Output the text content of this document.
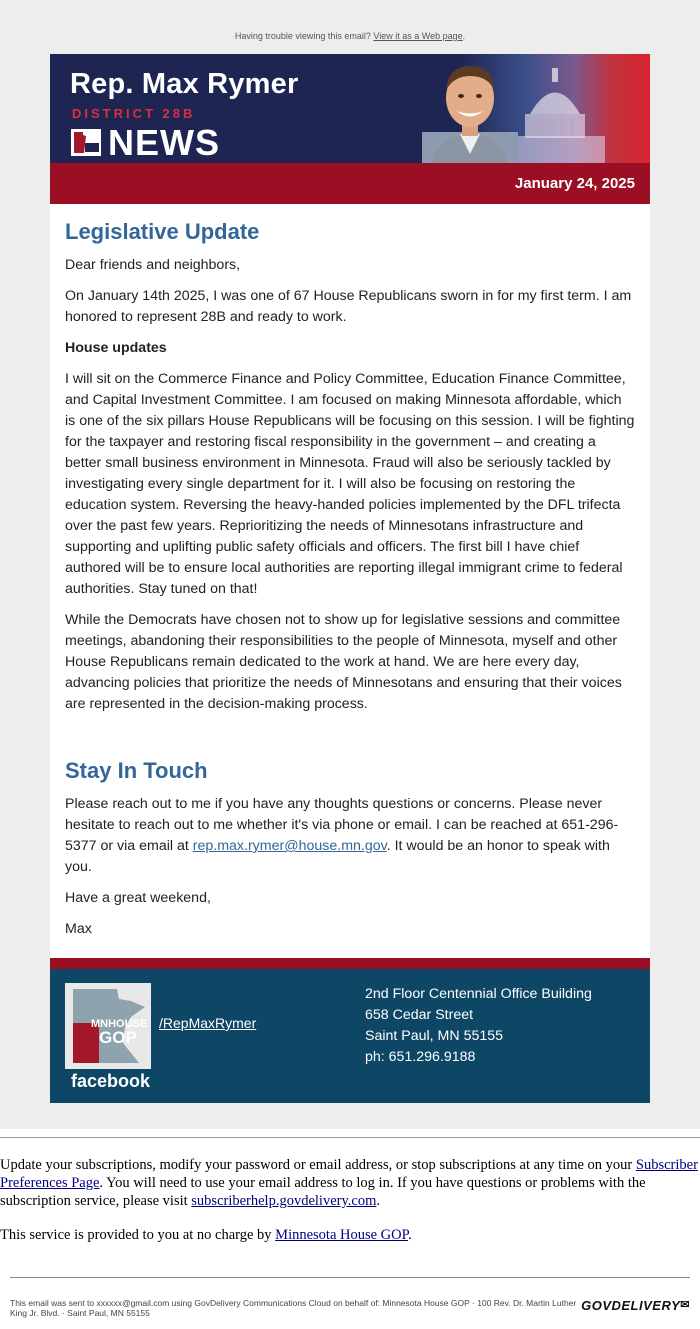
Having trouble viewing this email? View it as a Web page.
Rep. Max Rymer
DISTRICT 28B
NEWS
January 24, 2025
Legislative Update

Dear friends and neighbors,

On January 14th 2025, I was one of 67 House Republicans sworn in for my first term. I am honored to represent 28B and ready to work.

House updates

I will sit on the Commerce Finance and Policy Committee, Education Finance Committee, and Capital Investment Committee. I am focused on making Minnesota affordable, which is one of the six pillars House Republicans will be focusing on this session. I will be fighting for the taxpayer and restoring fiscal responsibility in the government – and creating a better small business environment in Minnesota. Fraud will also be seriously tackled by investigating every single department for it. I will also be focusing on restoring the education system. Reversing the heavy-handed policies implemented by the DFL trifecta over the past few years. Reprioritizing the needs of Minnesotans infrastructure and supporting and uplifting public safety officials and officers. The first bill I have chief authored will be to ensure local authorities are reporting illegal immigrant crime to federal authorities. Stay tuned on that!

While the Democrats have chosen not to show up for legislative sessions and committee meetings, abandoning their responsibilities to the people of Minnesota, myself and other House Republicans remain dedicated to the work at hand. We are here every day, advancing policies that prioritize the needs of Minnesotans and ensuring that their voices are represented in the decision-making process.

Stay In Touch

Please reach out to me if you have any thoughts questions or concerns. Please never hesitate to reach out to me whether it's via phone or email. I can be reached at 651-296-5377 or via email at rep.max.rymer@house.mn.gov. It would be an honor to speak with you.

Have a great weekend,

Max

MNHOUSE
GOP
facebook
/RepMaxRymer
2nd Floor Centennial Office Building
658 Cedar Street
Saint Paul, MN 55155
ph: 651.296.9188

Update your subscriptions, modify your password or email address, or stop subscriptions at any time on your Subscriber Preferences Page. You will need to use your email address to log in. If you have questions or problems with the subscription service, please visit subscriberhelp.govdelivery.com.

This service is provided to you at no charge by Minnesota House GOP.

This email was sent to xxxxxx@gmail.com using GovDelivery Communications Cloud on behalf of: Minnesota House GOP · 100 Rev. Dr. Martin Luther King Jr. Blvd. · Saint Paul, MN 55155	GOVDELIVERY✉
